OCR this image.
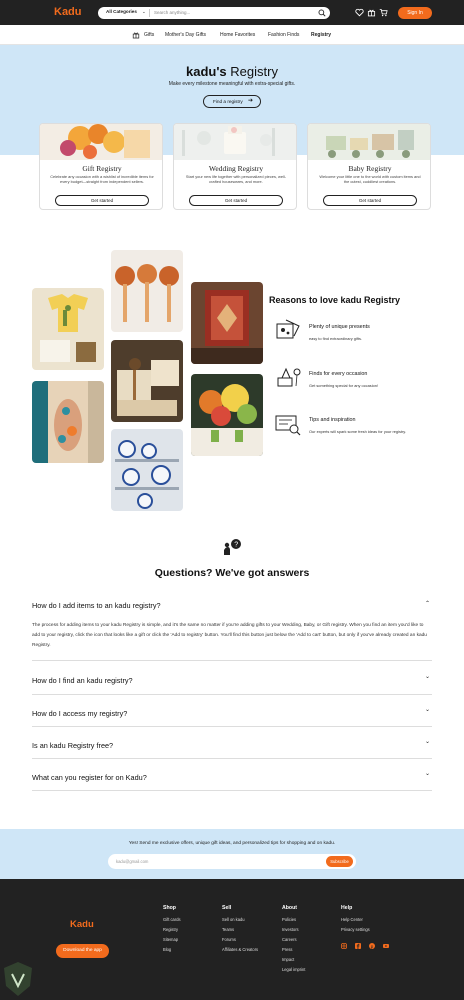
Kadu	All Categories ⌄ Search anything...	Sign In
Gifts Mother's Day Gifts	Home Favorites	Fashion Finds Registry
kadu's Registry
Make every milestone meaningful with extra-special gifts.
Find a registry ➔
Gift Registry
Celebrate any occasion with a wishlist of incredible items for every budget—straight from independent sellers.
Get started
Wedding Registry
Start your new life together with personalized pieces, well-crafted housewares, and more.
Get started
Baby Registry
Welcome your little one to the world with custom items and the cutest, cuddliest creations.
Get started
Reasons to love kadu Registry
Plenty of unique presents
easy to find extraordinary gifts.
Finds for every occasion
Get something special for any occasion!
Tips and inspiration
Our experts will spark some fresh ideas for your registry.
?
Questions? We've got answers
How do I add items to an kadu registry?	⌃
The process for adding items to your kadu Registry is simple, and it's the same no matter if you're adding gifts to your Wedding, Baby, or Gift registry. When you find an item you'd like to add to your registry, click the icon that looks like a gift or click the 'Add to registry' button. You'll find this button just below the 'Add to cart' button, but only if you've already created an kadu Registry.
How do I find an kadu registry?	⌄
How do I access my registry?	⌄
Is an kadu Registry free?	⌄
What can you register for on Kadu?	⌄
Yes! Send me exclusive offers, unique gift ideas, and personalized tips for shopping and on kadu.
kadu@gmail.com	Subscribe
Kadu
Download the app
Shop
Gift cards
Registry
Sitemap
Blog
Sell
Sell on kadu
Teams
Forums
Affiliates & Creators
About
Policies
Investors
Careers
Press
Impact
Legal imprint
Help
Help Center
Privacy settings
p
